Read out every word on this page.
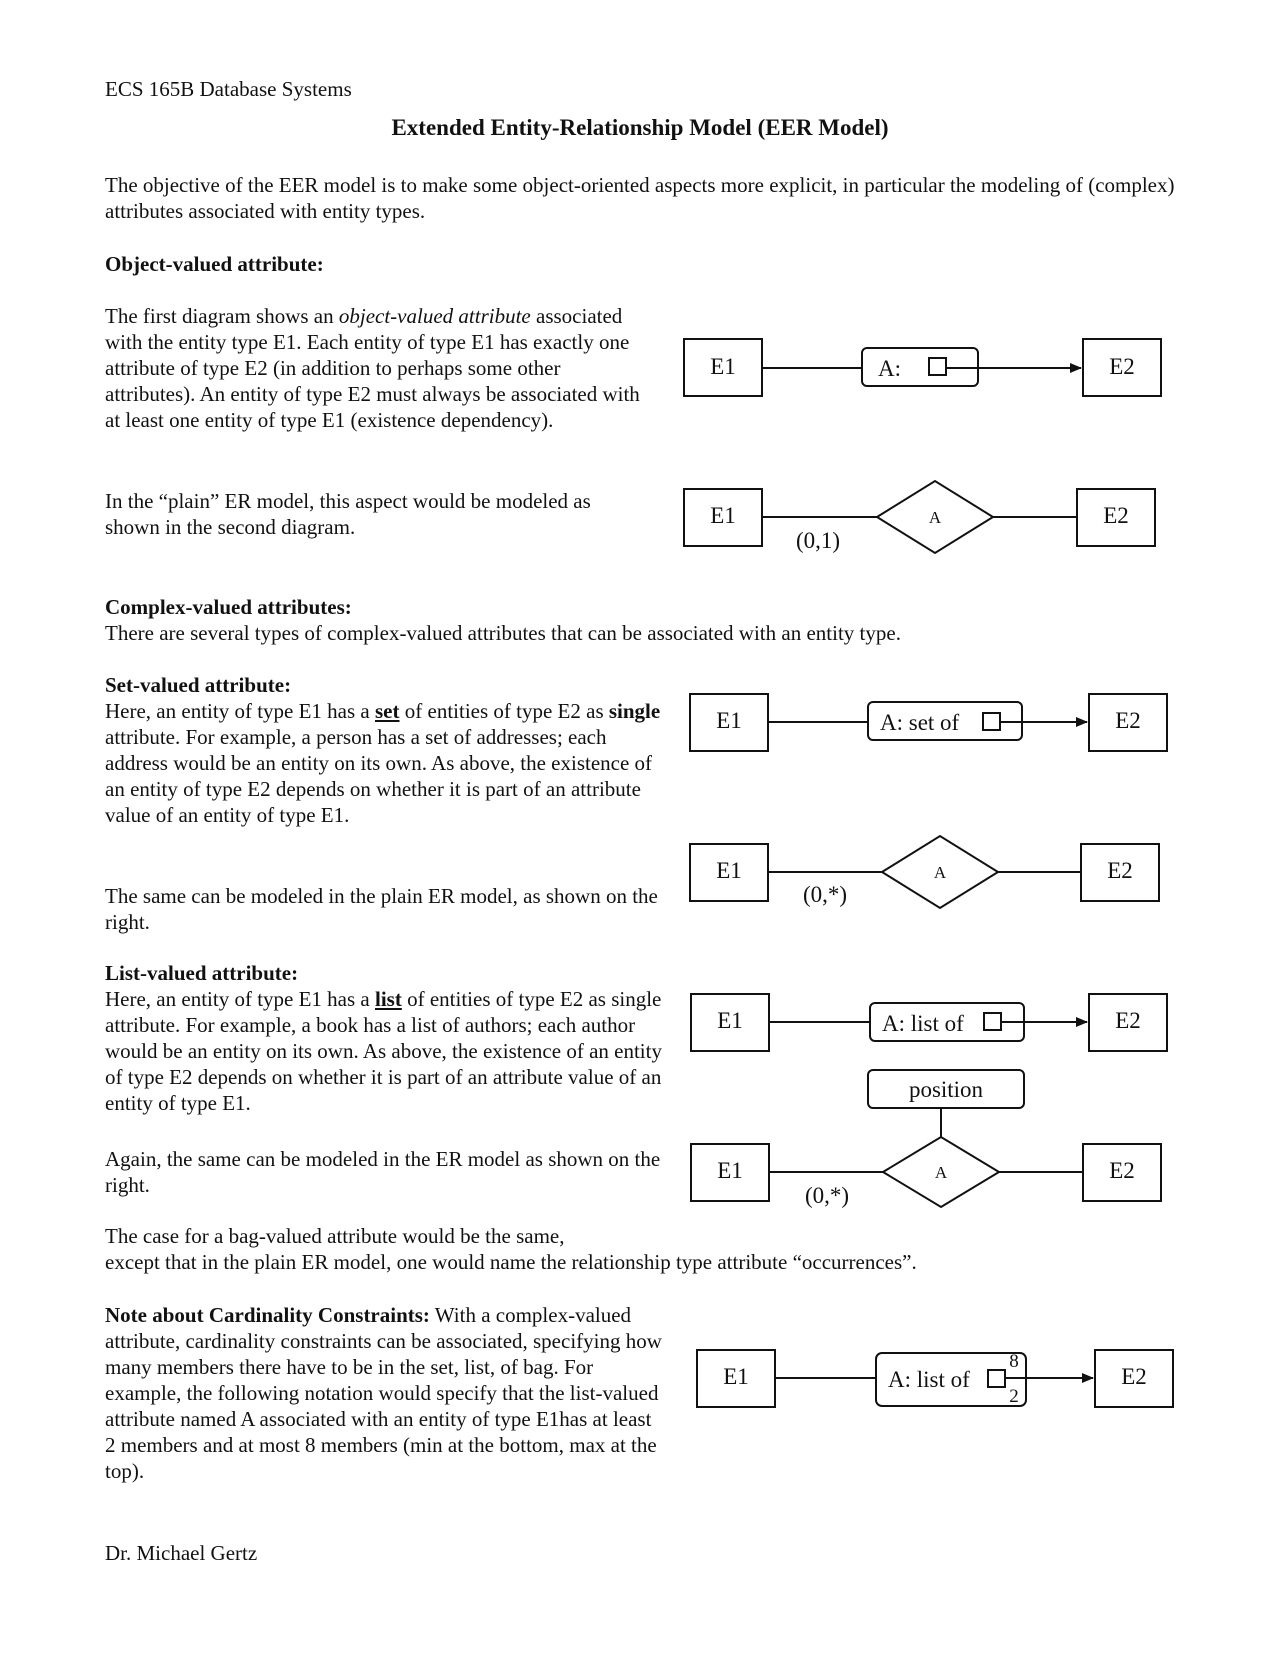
ECS 165B Database Systems
Extended Entity-Relationship Model (EER Model)
The objective of the EER model is to make some object-oriented aspects more explicit, in particular the modeling of (complex) attributes associated with entity types.
Object-valued attribute:
The first diagram shows an object-valued attribute associated with the entity type E1. Each entity of type E1 has exactly one attribute of type E2 (in addition to perhaps some other attributes). An entity of type E2 must always be associated with at least one entity of type E1 (existence dependency).
In the “plain” ER model, this aspect would be modeled as shown in the second diagram.
Complex-valued attributes:
There are several types of complex-valued attributes that can be associated with an entity type.
Set-valued attribute:
Here, an entity of type E1 has a set of entities of type E2 as single attribute. For example, a person has a set of addresses; each address would be an entity on its own. As above, the existence of an entity of type E2 depends on whether it is part of an attribute value of an entity of type E1.
The same can be modeled in the plain ER model, as shown on the right.
List-valued attribute:
Here, an entity of type E1 has a list of entities of type E2 as single attribute. For example, a book has a list of authors; each author would be an entity on its own. As above, the existence of an entity of type E2 depends on whether it is part of an attribute value of an entity of type E1.
Again, the same can be modeled in the ER model as shown on the right.
The case for a bag-valued attribute would be the same,
except that in the plain ER model, one would name the relationship type attribute “occurrences”.
Note about Cardinality Constraints: With a complex-valued attribute, cardinality constraints can be associated, specifying how many members there have to be in the set, list, of bag. For example, the following notation would specify that the list-valued attribute named A associated with an entity of type E1has at least 2 members and at most 8 members (min at the bottom, max at the top).
Dr. Michael Gertz
E1	E2
A:
E1	E2
(0,1)
E1	E2
A: set of
E1	E2
(0,*)
E1	E2
A: list of
position
E1	E2
(0,*)
E1	E2
A: list of
A
A
A
8
2
